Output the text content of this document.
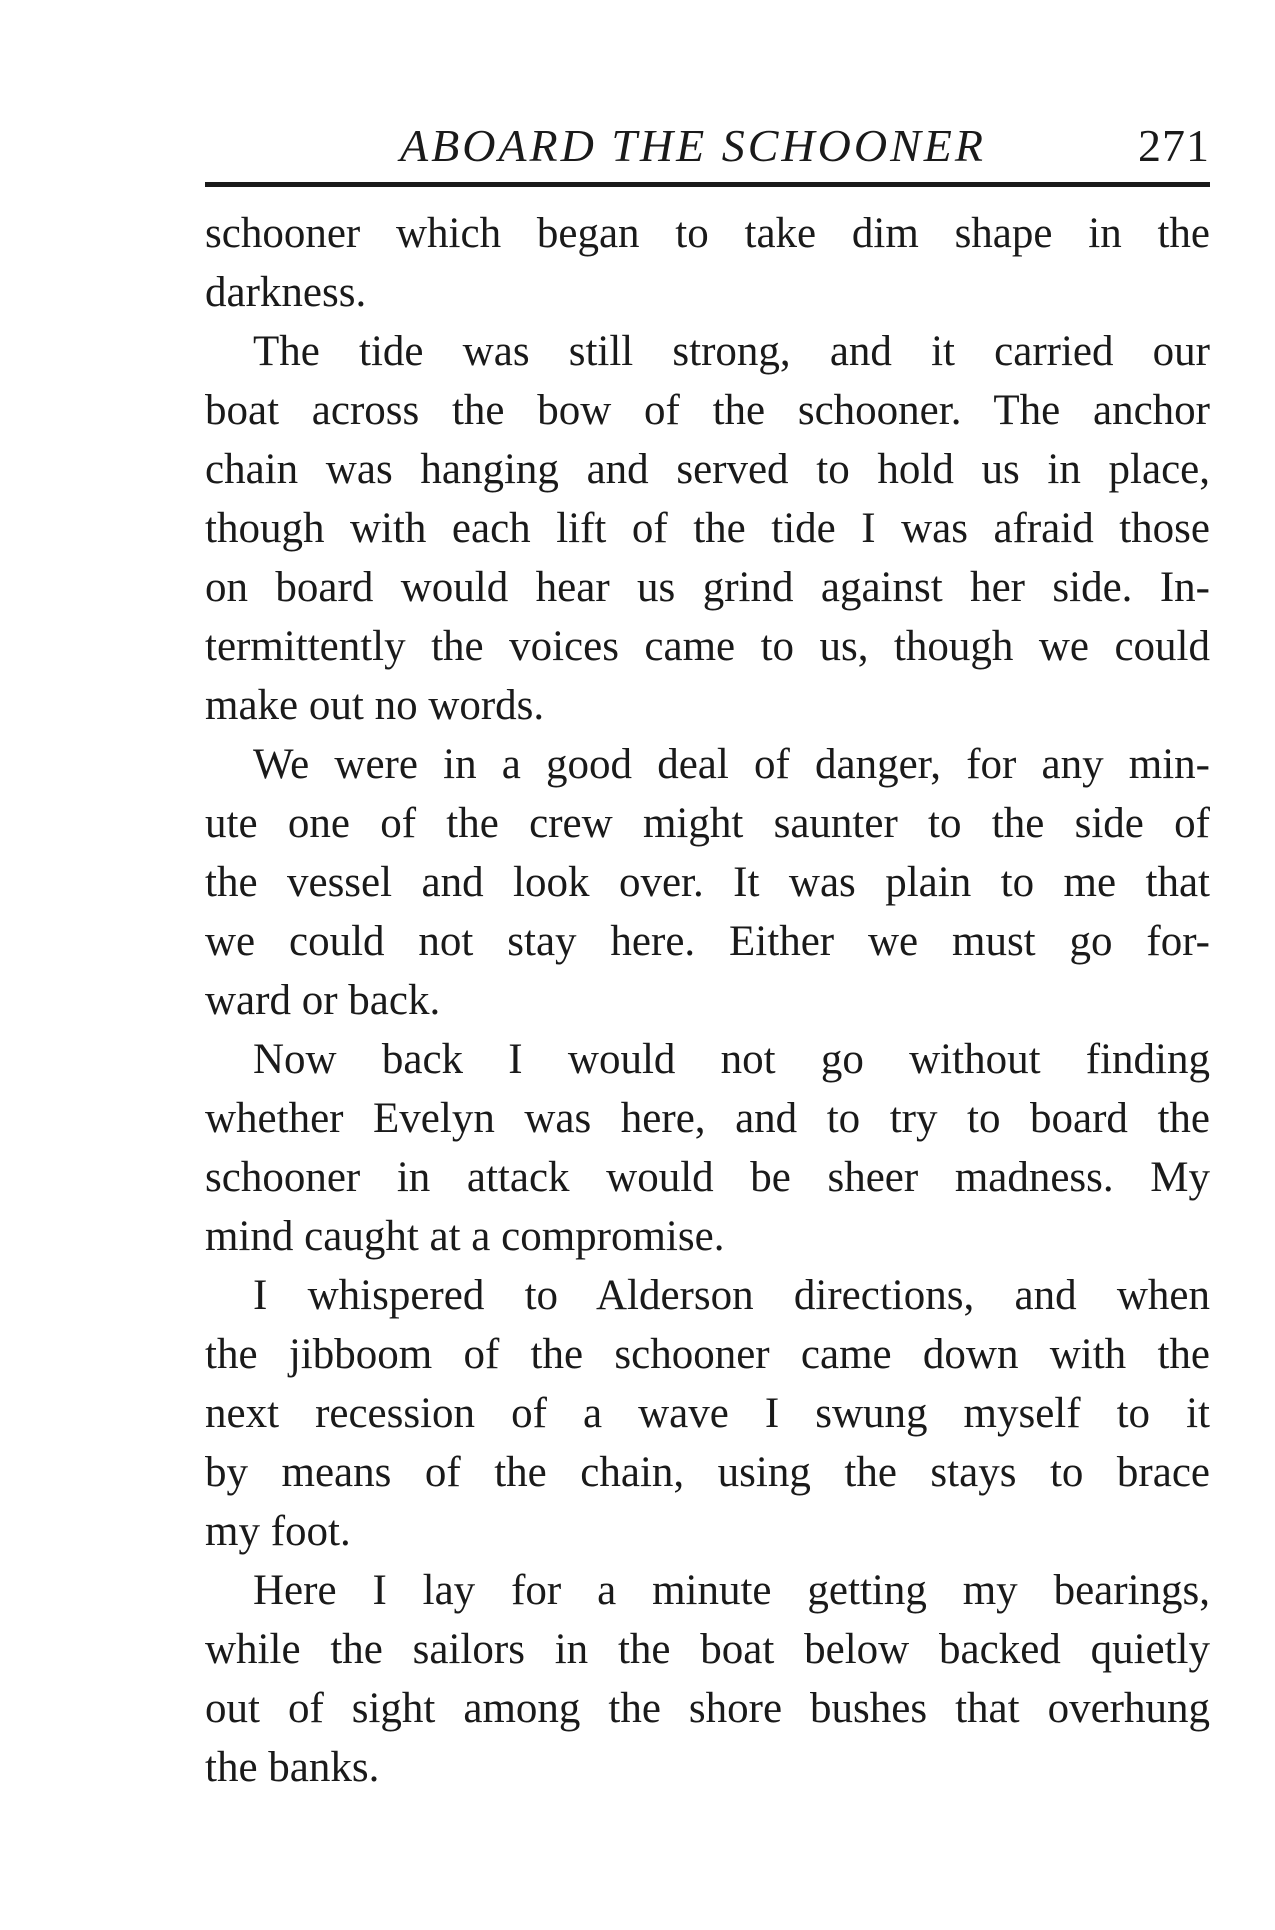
ABOARD THE SCHOONER	271
schooner which began to take dim shape in the
darkness.
The tide was still strong, and it carried our
boat across the bow of the schooner. The anchor
chain was hanging and served to hold us in place,
though with each lift of the tide I was afraid those
on board would hear us grind against her side. In-
termittently the voices came to us, though we could
make out no words.
We were in a good deal of danger, for any min-
ute one of the crew might saunter to the side of
the vessel and look over. It was plain to me that
we could not stay here. Either we must go for-
ward or back.
Now back I would not go without finding
whether Evelyn was here, and to try to board the
schooner in attack would be sheer madness. My
mind caught at a compromise.
I whispered to Alderson directions, and when
the jibboom of the schooner came down with the
next recession of a wave I swung myself to it
by means of the chain, using the stays to brace
my foot.
Here I lay for a minute getting my bearings,
while the sailors in the boat below backed quietly
out of sight among the shore bushes that overhung
the banks.
